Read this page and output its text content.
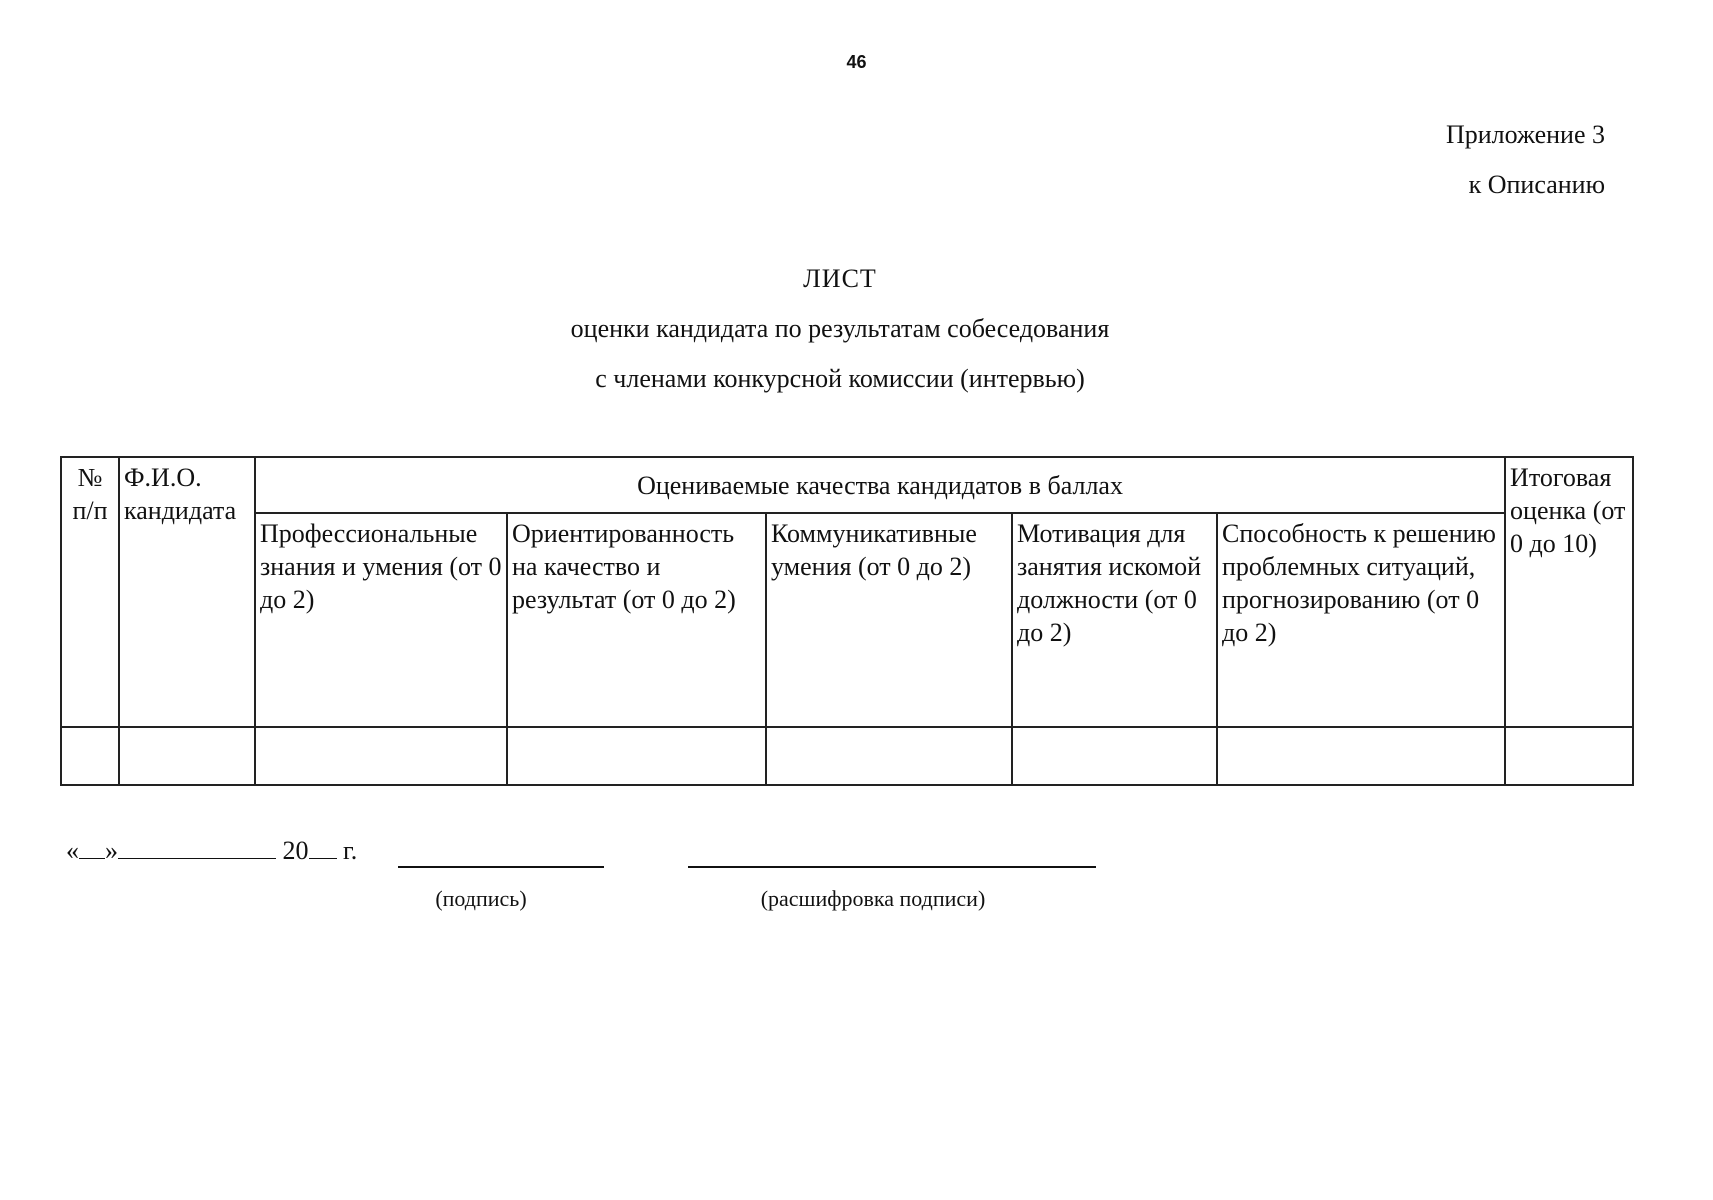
46
Приложение 3
к Описанию
ЛИСТ
оценки кандидата по результатам собеседования
с членами конкурсной комиссии (интервью)
№ п/п	Ф.И.О. кандидата	Оцениваемые качества кандидатов в баллах					Итоговая оценка (от 0 до 10)
		Профессиональные знания и умения (от 0 до 2)	Ориентированность на качество и результат (от 0 до 2)	Коммуникативные умения (от 0 до 2)	Мотивация для занятия искомой должности (от 0 до 2)	Способность к решению проблемных ситуаций, прогнозированию (от 0 до 2)	

« »	20 г.
(подпись)	(расшифровка подписи)
